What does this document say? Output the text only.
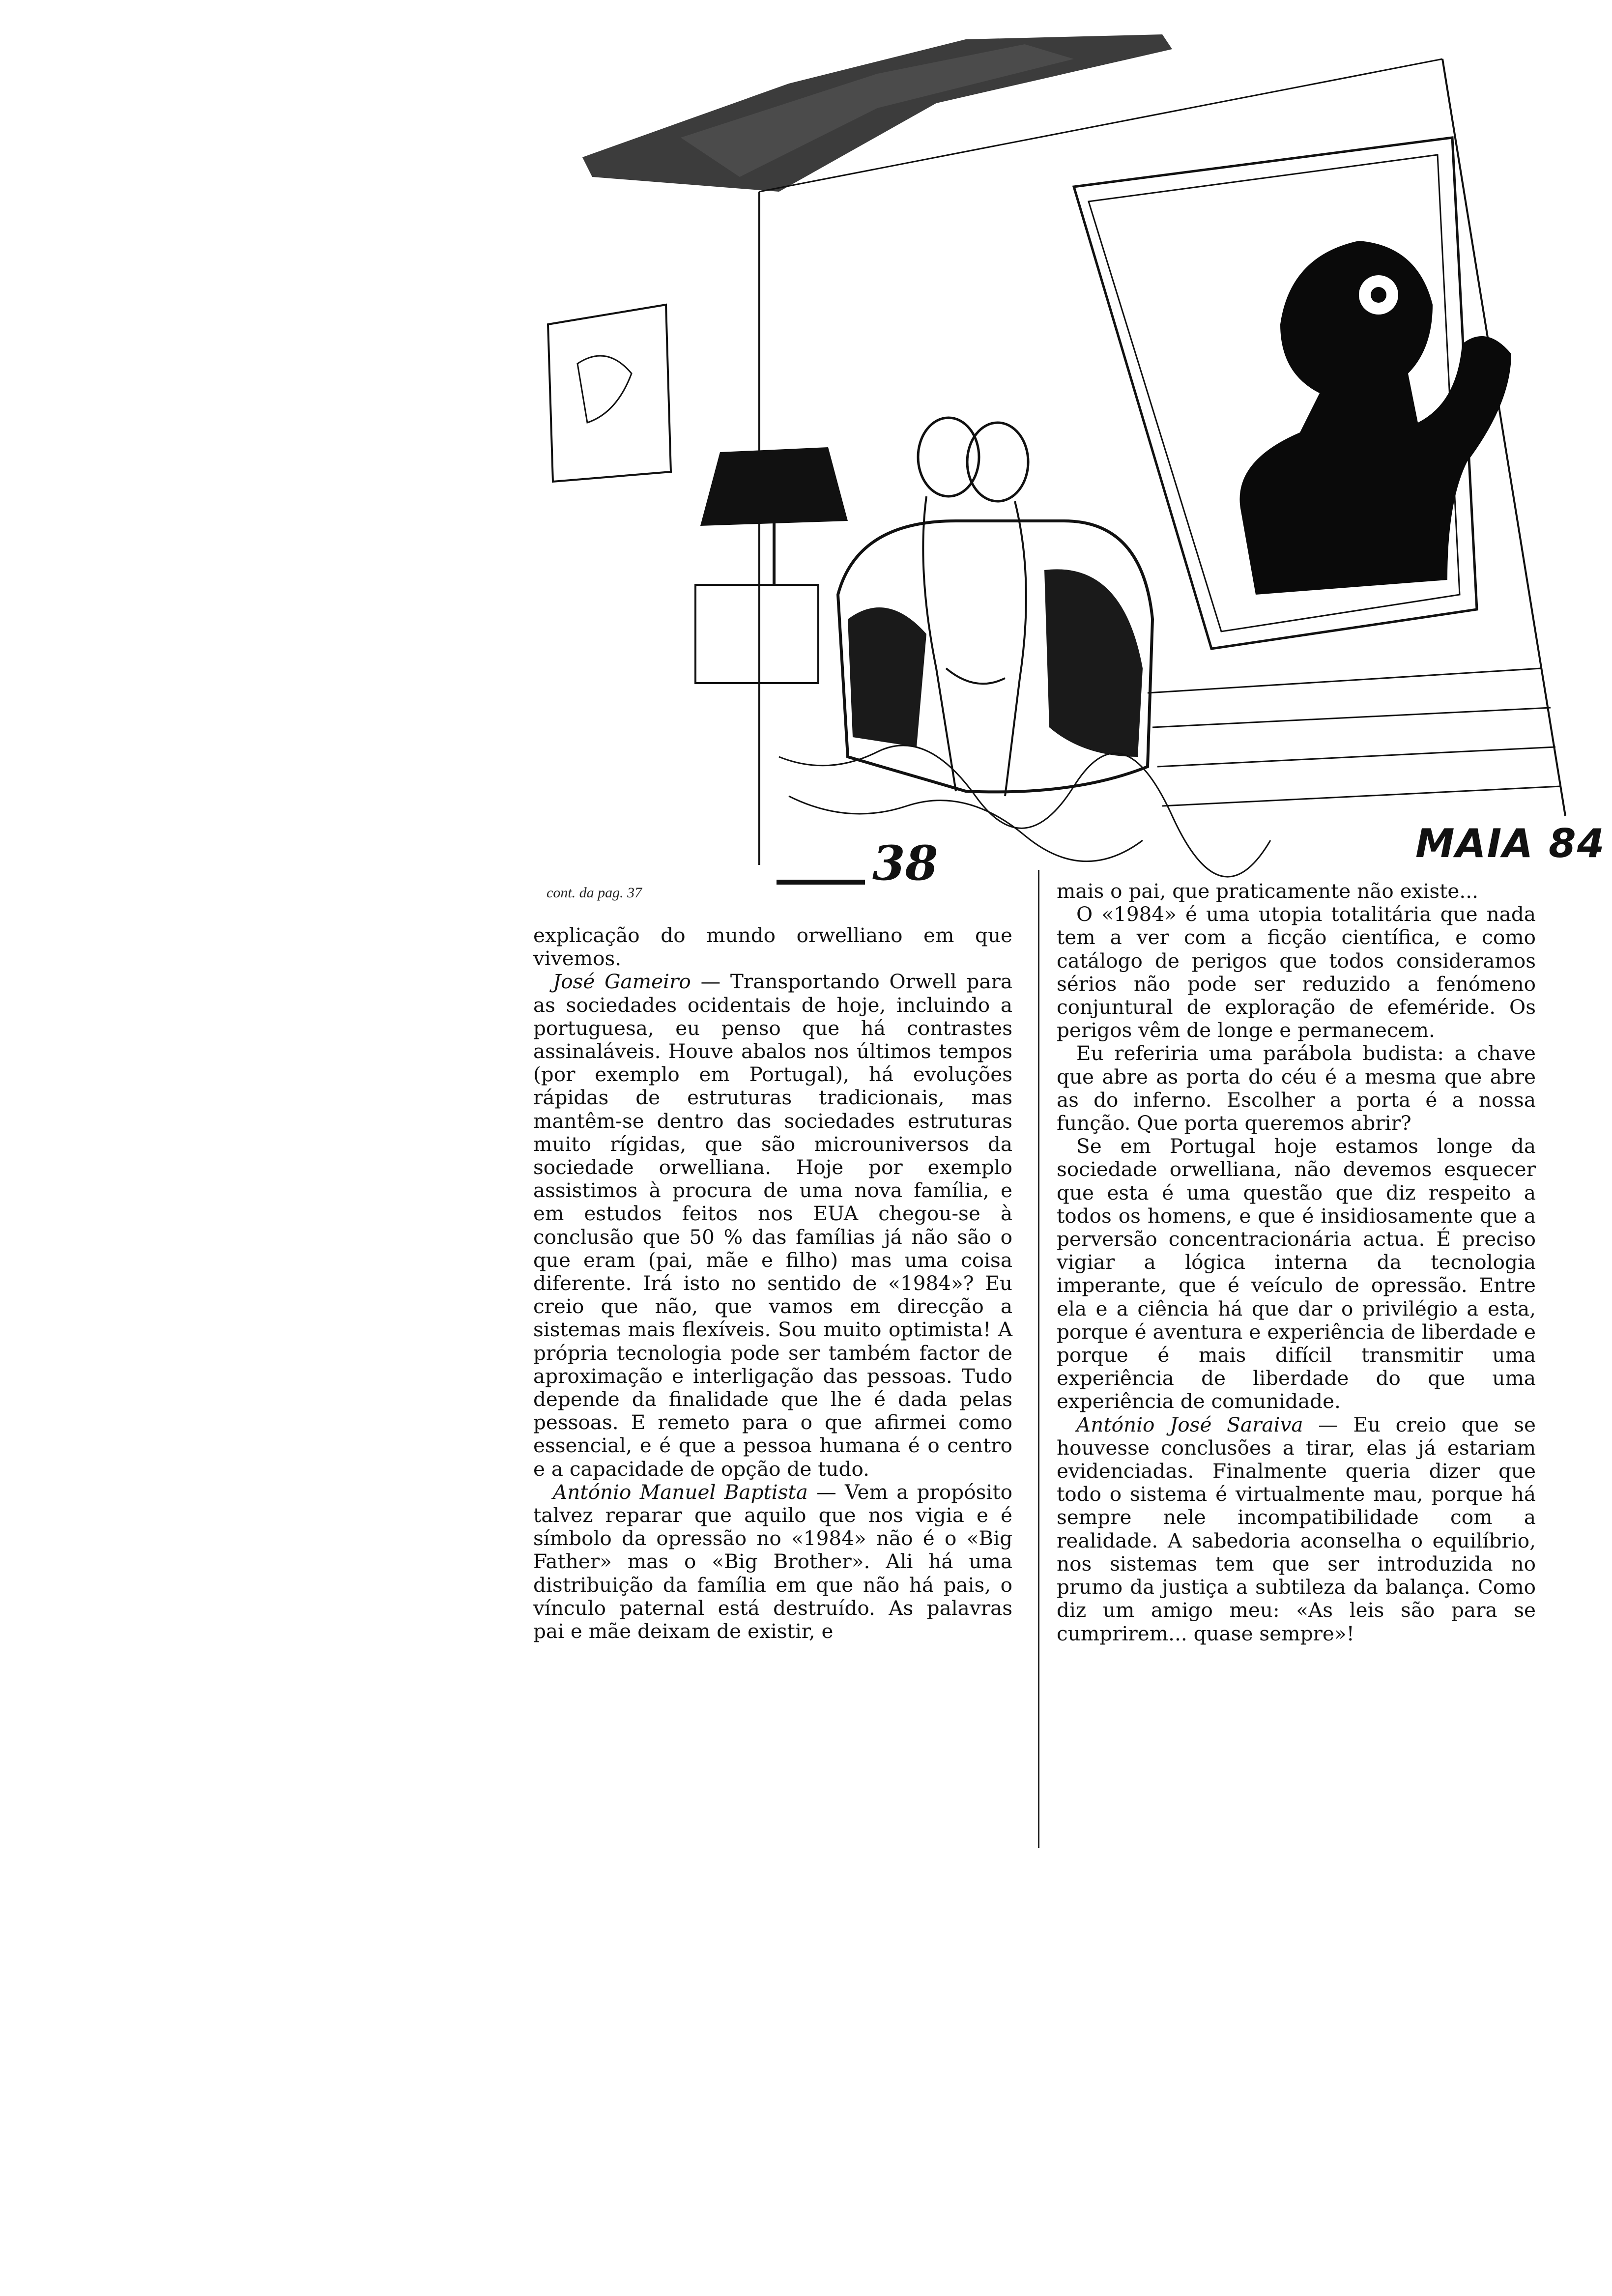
MAIA 84
cont. da pag. 37
38

explicação do mundo orwelliano em que vivemos.

José Gameiro — Transportando Orwell para as sociedades ocidentais de hoje, incluindo a portuguesa, eu penso que há contrastes assinaláveis. Houve abalos nos últimos tempos (por exemplo em Portugal), há evoluções rápidas de estruturas tradicionais, mas mantêm-se dentro das sociedades estruturas muito rígidas, que são microuniversos da sociedade orwelliana. Hoje por exemplo assistimos à procura de uma nova família, e em estudos feitos nos EUA chegou-se à conclusão que 50 % das famílias já não são o que eram (pai, mãe e filho) mas uma coisa diferente. Irá isto no sentido de «1984»? Eu creio que não, que vamos em direcção a sistemas mais flexíveis. Sou muito optimista! A própria tecnologia pode ser também factor de aproximação e interligação das pessoas. Tudo depende da finalidade que lhe é dada pelas pessoas. E remeto para o que afirmei como essencial, e é que a pessoa humana é o centro e a capacidade de opção de tudo.

António Manuel Baptista — Vem a propósito talvez reparar que aquilo que nos vigia e é símbolo da opressão no «1984» não é o «Big Father» mas o «Big Brother». Ali há uma distribuição da família em que não há pais, o vínculo paternal está destruído. As palavras pai e mãe deixam de existir, e

mais o pai, que praticamente não existe...

O «1984» é uma utopia totalitária que nada tem a ver com a ficção científica, e como catálogo de perigos que todos consideramos sérios não pode ser reduzido a fenómeno conjuntural de exploração de efeméride. Os perigos vêm de longe e permanecem.

Eu referiria uma parábola budista: a chave que abre as porta do céu é a mesma que abre as do inferno. Escolher a porta é a nossa função. Que porta queremos abrir?

Se em Portugal hoje estamos longe da sociedade orwelliana, não devemos esquecer que esta é uma questão que diz respeito a todos os homens, e que é insidiosamente que a perversão concentracionária actua. É preciso vigiar a lógica interna da tecnologia imperante, que é veículo de opressão. Entre ela e a ciência há que dar o privilégio a esta, porque é aventura e experiência de liberdade e porque é mais difícil transmitir uma experiência de liberdade do que uma experiência de comunidade.

António José Saraiva — Eu creio que se houvesse conclusões a tirar, elas já estariam evidenciadas. Finalmente queria dizer que todo o sistema é virtualmente mau, porque há sempre nele incompatibilidade com a realidade. A sabedoria aconselha o equilíbrio, nos sistemas tem que ser introduzida no prumo da justiça a subtileza da balança. Como diz um amigo meu: «As leis são para se cumprirem... quase sempre»!
